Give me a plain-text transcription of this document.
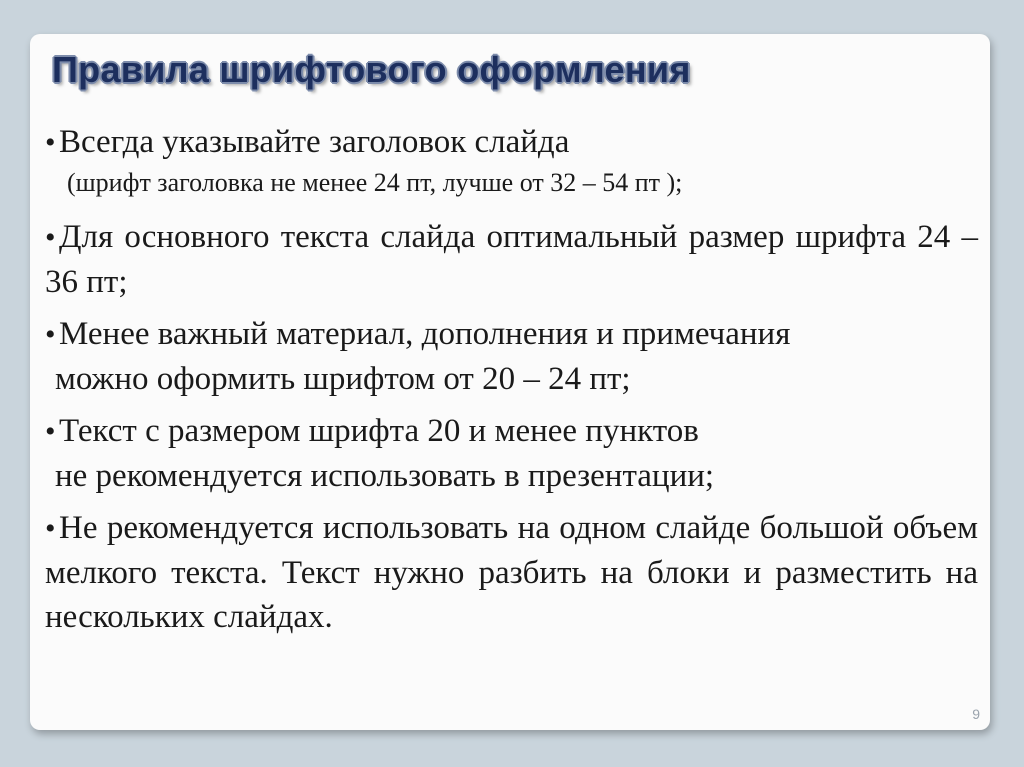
Правила шрифтового оформления
• Всегда указывайте заголовок слайда
(шрифт заголовка не менее 24 пт, лучше от 32 – 54 пт );
• Для основного текста слайда оптимальный размер шрифта 24 –36 пт;
• Менее важный материал, дополнения и примечания
можно оформить шрифтом от 20 – 24 пт;
• Текст с размером шрифта 20 и менее пунктов
не рекомендуется использовать в презентации;
• Не рекомендуется использовать на одном слайде большой объем мелкого текста. Текст нужно разбить на блоки и разместить на нескольких слайдах.
9
